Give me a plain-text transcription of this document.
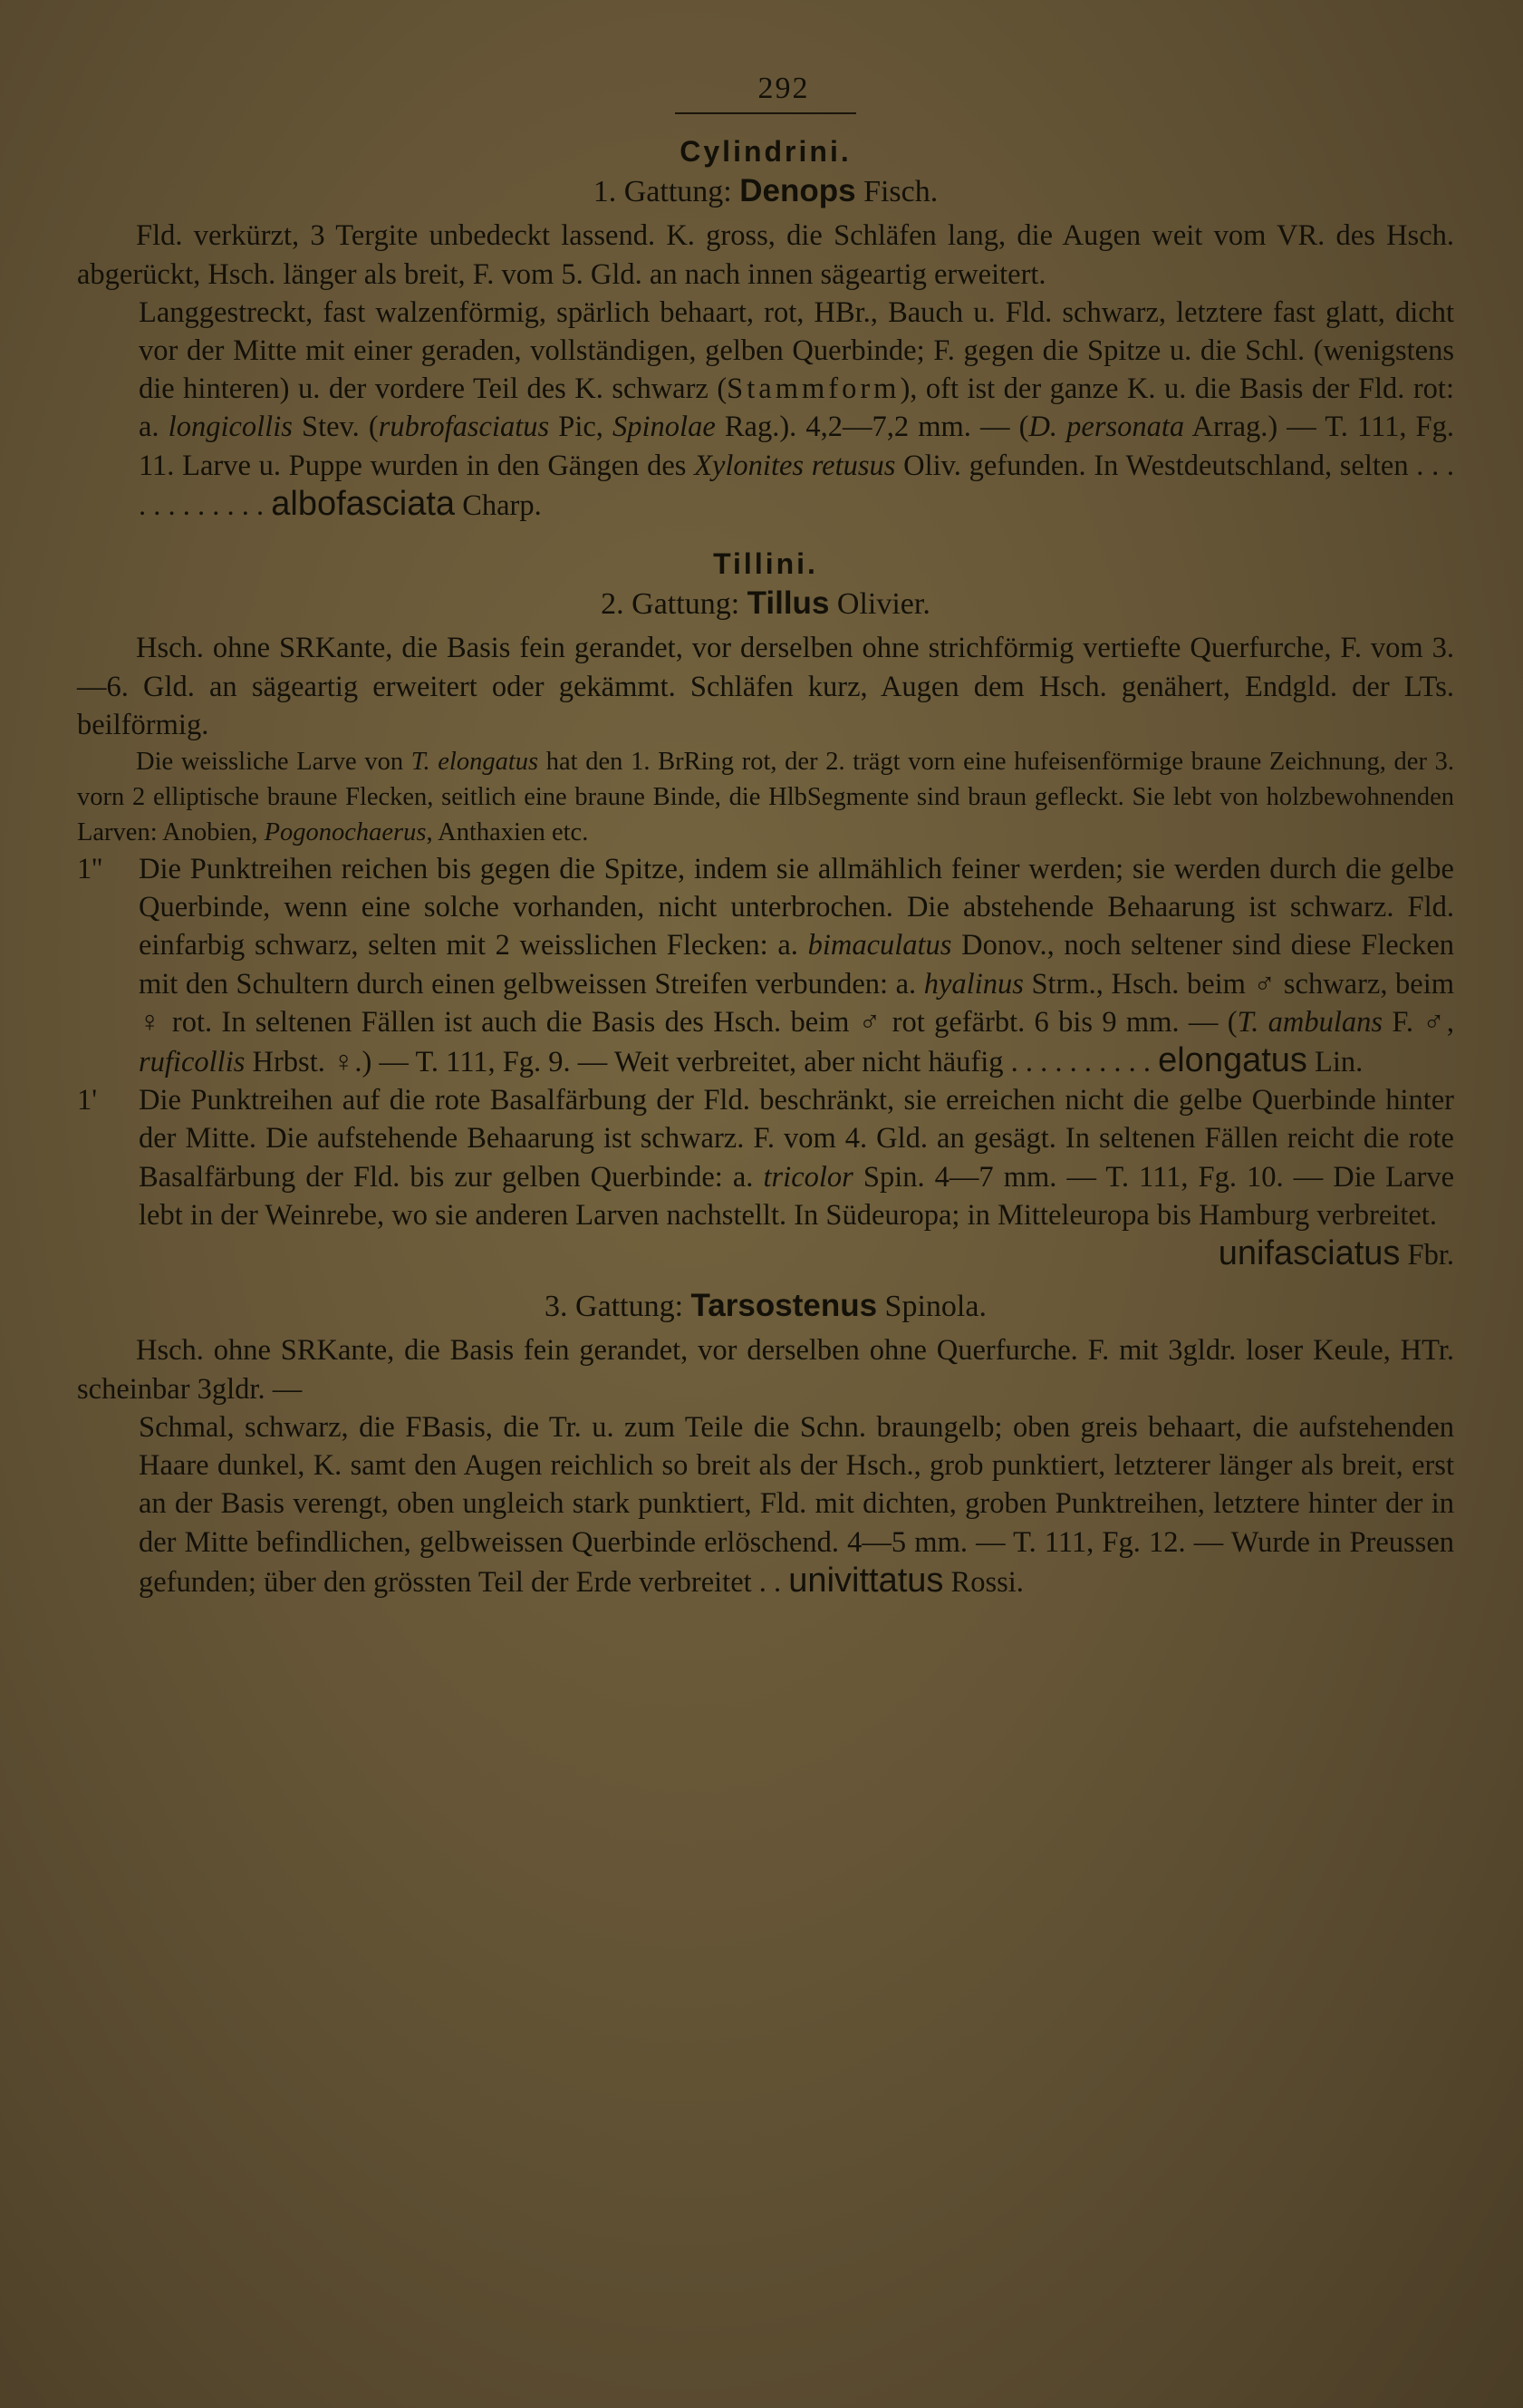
292
Cylindrini.
1. Gattung: Denops Fisch.

Fld. verkürzt, 3 Tergite unbedeckt lassend. K. gross, die Schläfen lang, die Augen weit vom VR. des Hsch. abgerückt, Hsch. länger als breit, F. vom 5. Gld. an nach innen sägeartig erweitert.

Langgestreckt, fast walzenförmig, spärlich behaart, rot, HBr., Bauch u. Fld. schwarz, letztere fast glatt, dicht vor der Mitte mit einer geraden, vollständigen, gelben Querbinde; F. gegen die Spitze u. die Schl. (wenigstens die hinteren) u. der vordere Teil des K. schwarz (Stammform), oft ist der ganze K. u. die Basis der Fld. rot: a. longicollis Stev. (rubrofasciatus Pic, Spinolae Rag.). 4,2—7,2 mm. — (D. personata Arrag.) — T. 111, Fg. 11. Larve u. Puppe wurden in den Gängen des Xylonites retusus Oliv. gefunden. In Westdeutschland, selten . . . . . . . . . . . . albofasciata Charp.

Tillini.
2. Gattung: Tillus Olivier.

Hsch. ohne SRKante, die Basis fein gerandet, vor derselben ohne strichförmig vertiefte Querfurche, F. vom 3.—6. Gld. an sägeartig erweitert oder gekämmt. Schläfen kurz, Augen dem Hsch. genähert, Endgld. der LTs. beilförmig.

Die weissliche Larve von T. elongatus hat den 1. BrRing rot, der 2. trägt vorn eine hufeisenförmige braune Zeichnung, der 3. vorn 2 elliptische braune Flecken, seitlich eine braune Binde, die HlbSegmente sind braun gefleckt. Sie lebt von holzbewohnenden Larven: Anobien, Pogonochaerus, Anthaxien etc.

1''	Die Punktreihen reichen bis gegen die Spitze, indem sie allmählich feiner werden; sie werden durch die gelbe Querbinde, wenn eine solche vorhanden, nicht unterbrochen. Die abstehende Behaarung ist schwarz. Fld. einfarbig schwarz, selten mit 2 weisslichen Flecken: a. bimaculatus Donov., noch seltener sind diese Flecken mit den Schultern durch einen gelbweissen Streifen verbunden: a. hyalinus Strm., Hsch. beim ♂ schwarz, beim ♀ rot. In seltenen Fällen ist auch die Basis des Hsch. beim ♂ rot gefärbt. 6 bis 9 mm. — (T. ambulans F. ♂, ruficollis Hrbst. ♀.) — T. 111, Fg. 9. — Weit verbreitet, aber nicht häufig . . . . . . . . . . elongatus Lin.

1'	Die Punktreihen auf die rote Basalfärbung der Fld. beschränkt, sie erreichen nicht die gelbe Querbinde hinter der Mitte. Die aufstehende Behaarung ist schwarz. F. vom 4. Gld. an gesägt. In seltenen Fällen reicht die rote Basalfärbung der Fld. bis zur gelben Querbinde: a. tricolor Spin. 4—7 mm. — T. 111, Fg. 10. — Die Larve lebt in der Weinrebe, wo sie anderen Larven nachstellt. In Südeuropa; in Mitteleuropa bis Hamburg verbreitet.

unifasciatus Fbr.

3. Gattung: Tarsostenus Spinola.

Hsch. ohne SRKante, die Basis fein gerandet, vor derselben ohne Querfurche. F. mit 3gldr. loser Keule, HTr. scheinbar 3gldr. —

Schmal, schwarz, die FBasis, die Tr. u. zum Teile die Schn. braungelb; oben greis behaart, die aufstehenden Haare dunkel, K. samt den Augen reichlich so breit als der Hsch., grob punktiert, letzterer länger als breit, erst an der Basis verengt, oben ungleich stark punktiert, Fld. mit dichten, groben Punktreihen, letztere hinter der in der Mitte befindlichen, gelbweissen Querbinde erlöschend. 4—5 mm. — T. 111, Fg. 12. — Wurde in Preussen gefunden; über den grössten Teil der Erde verbreitet . . univittatus Rossi.
